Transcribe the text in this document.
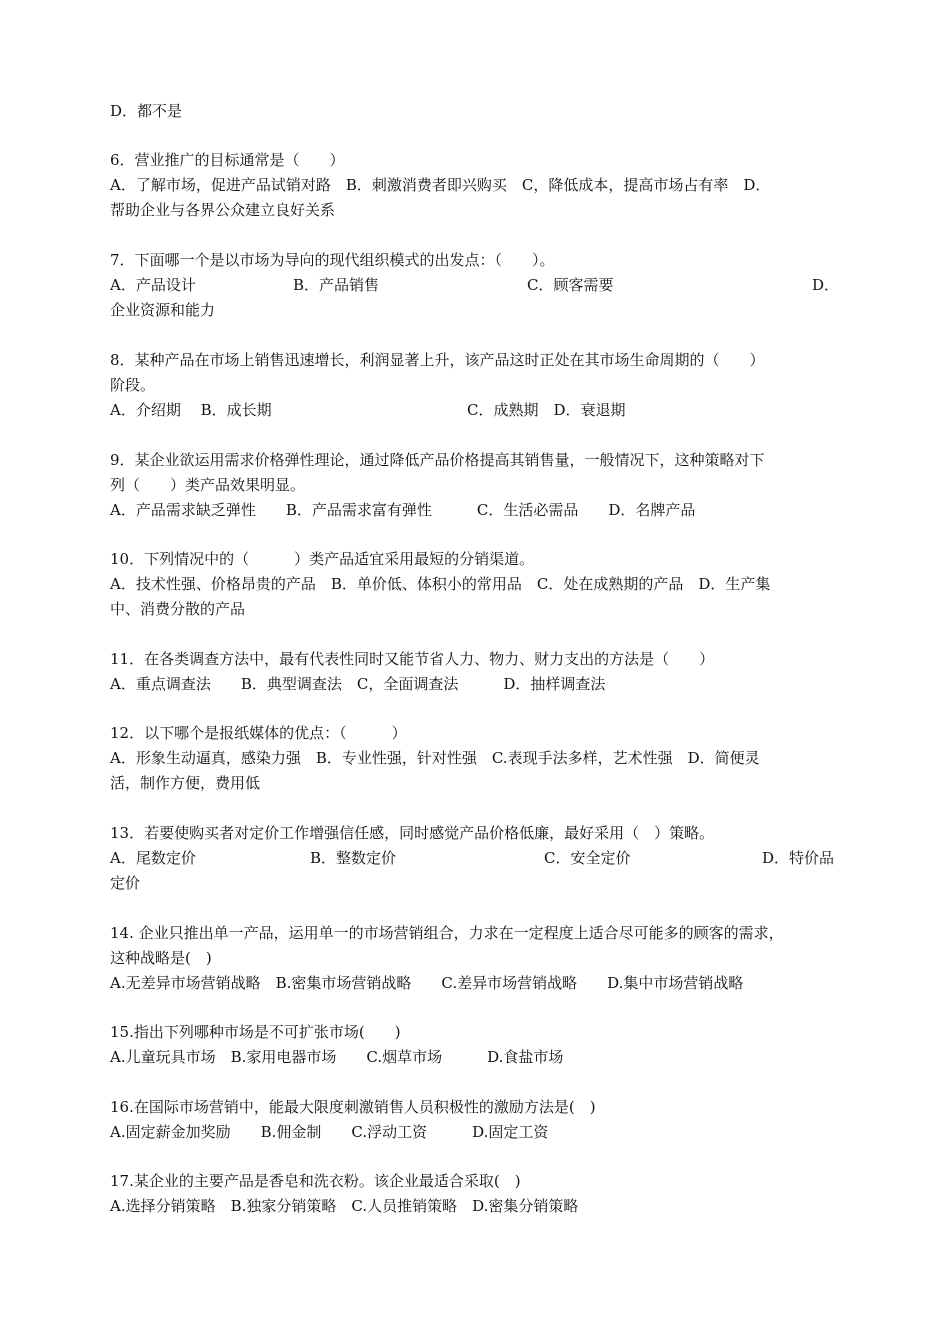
D．都不是
6．营业推广的目标通常是（　　）
A．了解市场，促进产品试销对路　B．刺激消费者即兴购买　C，降低成本，提高市场占有率　D．
帮助企业与各界公众建立良好关系
7．下面哪一个是以市场为导向的现代组织模式的出发点：（　　）。
A．产品设计	B．产品销售	C．顾客需要	D．
企业资源和能力
8．某种产品在市场上销售迅速增长，利润显著上升，该产品这时正处在其市场生命周期的（　　）
阶段。
A．介绍期　 B．成长期	C．成熟期　D．衰退期
9．某企业欲运用需求价格弹性理论，通过降低产品价格提高其销售量，一般情况下，这种策略对下
列（　　）类产品效果明显。
A．产品需求缺乏弹性　　B．产品需求富有弹性　　　C．生活必需品　　D．名牌产品
10．下列情况中的（　　　）类产品适宜采用最短的分销渠道。
A．技术性强、价格昂贵的产品　B．单价低、体积小的常用品　C．处在成熟期的产品　D．生产集
中、消费分散的产品
11．在各类调查方法中，最有代表性同时又能节省人力、物力、财力支出的方法是（　　）
A．重点调查法　　B．典型调查法　C，全面调查法　　　D．抽样调查法
12．以下哪个是报纸媒体的优点：（　　　）
A．形象生动逼真，感染力强　B．专业性强，针对性强　C.表现手法多样，艺术性强　D．简便灵
活，制作方便，费用低
13．若要使购买者对定价工作增强信任感，同时感觉产品价格低廉，最好采用（　）策略。
A．尾数定价	B．整数定价	C．安全定价	D．特价品
定价
14. 企业只推出单一产品，运用单一的市场营销组合，力求在一定程度上适合尽可能多的顾客的需求，
这种战略是(　)
A.无差异市场营销战略　B.密集市场营销战略　　C.差异市场营销战略　　D.集中市场营销战略
15.指出下列哪种市场是不可扩张市场(　　)
A.儿童玩具市场　B.家用电器市场　　C.烟草市场　　　D.食盐市场
16.在国际市场营销中，能最大限度刺激销售人员积极性的激励方法是(　)
A.固定薪金加奖励　　B.佣金制　　C.浮动工资　　　D.固定工资
17.某企业的主要产品是香皂和洗衣粉。该企业最适合采取(　)
A.选择分销策略　B.独家分销策略　C.人员推销策略　D.密集分销策略
